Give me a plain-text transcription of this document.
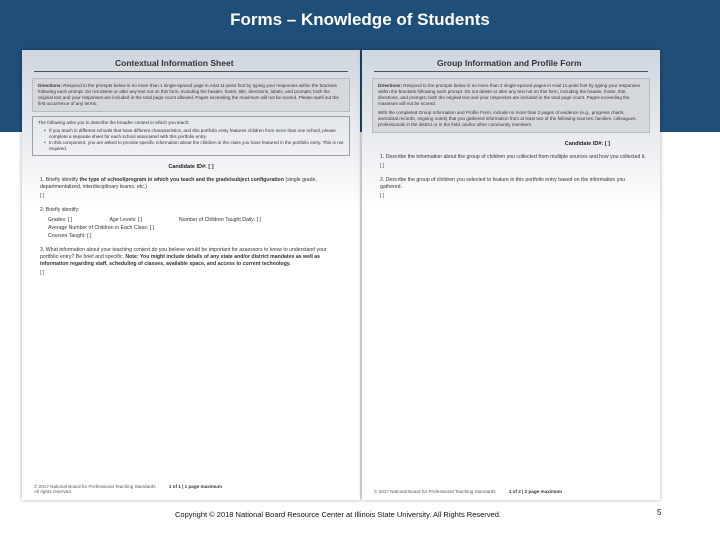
Forms – Knowledge of Students
Contextual Information Sheet
Directions: Respond to the prompts below in no more than 1 single-spaced page in Arial 11-point font by typing your responses within the brackets following each prompt. Do not delete or alter any text not on this form, including the header, footer, title, directions, labels, and prompts; both the original text and your responses are included in the total page count allowed. Pages exceeding the maximum will not be scored. Please spell out the first occurrence of any terms.
The following asks you to describe the broader context in which you teach:
• If you teach in different schools that have different characteristics, and this portfolio entry features children from more than one school, please complete a separate sheet for each school associated with this portfolio entry.
• In this component, you are asked to provide specific information about the children in the class you have featured in the portfolio entry. This is not required.
Candidate ID#: [ ]
1. Briefly identify the type of school/program in which you teach and the grade/subject configuration (single grade, departmentalized, interdisciplinary teams, etc.)
[ ]
2. Briefly identify:
Grades: [ ]	Age Levels: [ ]	Number of Children Taught Daily: [ ]
Average Number of Children in Each Class: [ ]
Courses Taught: [ ]
3. What information about your teaching context do you believe would be important for assessors to know to understand your portfolio entry? Be brief and specific. Note: You might include details of any state and/or district mandates as well as information regarding staff, scheduling of classes, available space, and access to current technology.
[ ]
© 2017 National Board for Professional Teaching Standards	1 of 1 | 1 page maximum
All rights reserved.
Group Information and Profile Form
Directions: Respond to the prompts below in no more than 2 single-spaced pages in Arial 11-point font by typing your responses within the brackets following each prompt. Do not delete or alter any text not on this form, including the header, footer, title, directions, and prompts; both the original text and your responses are included in the total page count. Pages exceeding the maximum will not be scored.
With the completed Group Information and Profile Form, include no more than 2 pages of evidence (e.g., progress charts, anecdotal records, ongoing notes) that you gathered information from at least two of the following sources: families, colleagues, professionals in the district or in the field, and/or other community members.
Candidate ID#: [ ]
1. Describe the information about the group of children you collected from multiple sources and how you collected it.
[ ]
2. Describe the group of children you selected to feature in this portfolio entry based on the information you gathered.
[ ]
© 2017 National Board for Professional Teaching Standards	1 of 2 | 2 page maximum
Copyright © 2018 National Board Resource Center at Illinois State University. All Rights Reserved.	5
